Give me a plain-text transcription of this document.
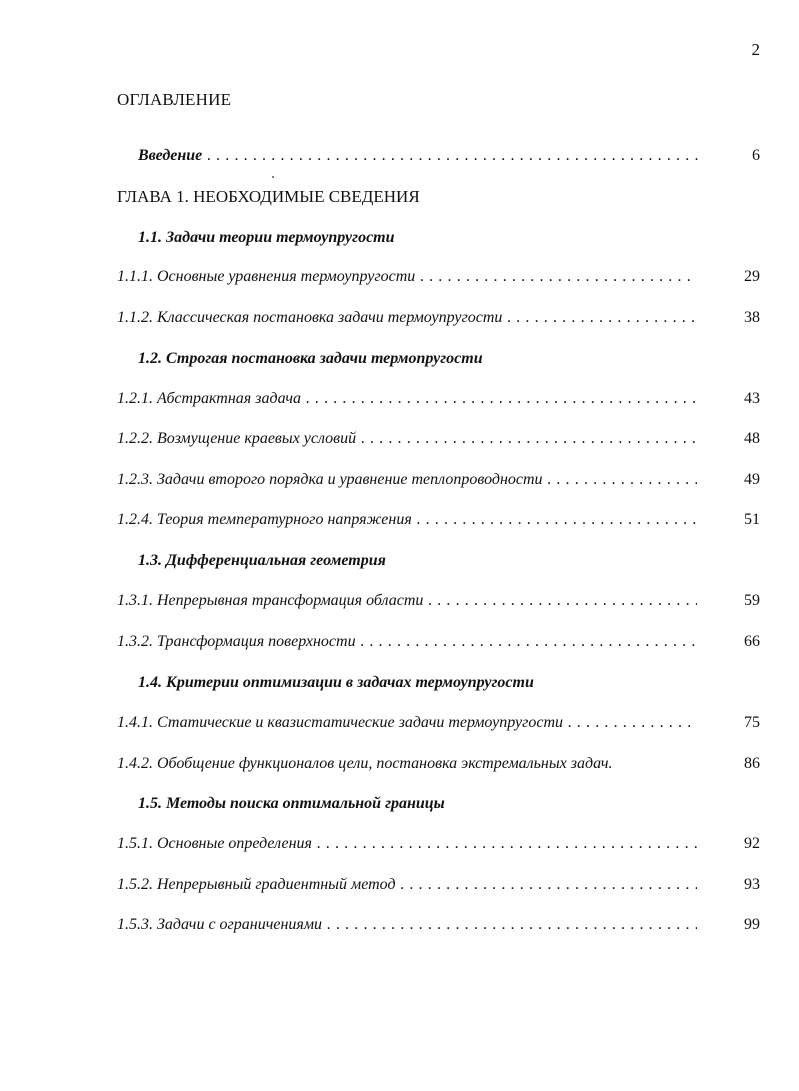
2
ОГЛАВЛЕНИЕ
Введение . . .	6
ГЛАВА 1. НЕОБХОДИМЫЕ СВЕДЕНИЯ
1.1. Задачи теории термоупругости
1.1.1. Основные уравнения термоупругости . . .	29
1.1.2. Классическая постановка задачи термоупругости . . .	38
1.2. Строгая постановка задачи термопругости
1.2.1. Абстрактная задача . . .	43
1.2.2. Возмущение краевых условий . . .	48
1.2.3. Задачи второго порядка и уравнение теплопроводности . . .	49
1.2.4. Теория температурного напряжения . . .	51
1.3. Дифференциальная геометрия
1.3.1. Непрерывная трансформация области . . .	59
1.3.2. Трансформация поверхности . . .	66
1.4. Критерии оптимизации в задачах термоупругости
1.4.1. Статические и квазистатические задачи термоупругости . . .	75
1.4.2. Обобщение функционалов цели, постановка экстремальных задач.	86
1.5. Методы поиска оптимальной границы
1.5.1. Основные определения . . .	92
1.5.2. Непрерывный градиентный метод . . .	93
1.5.3. Задачи с ограничениями . . .	99
